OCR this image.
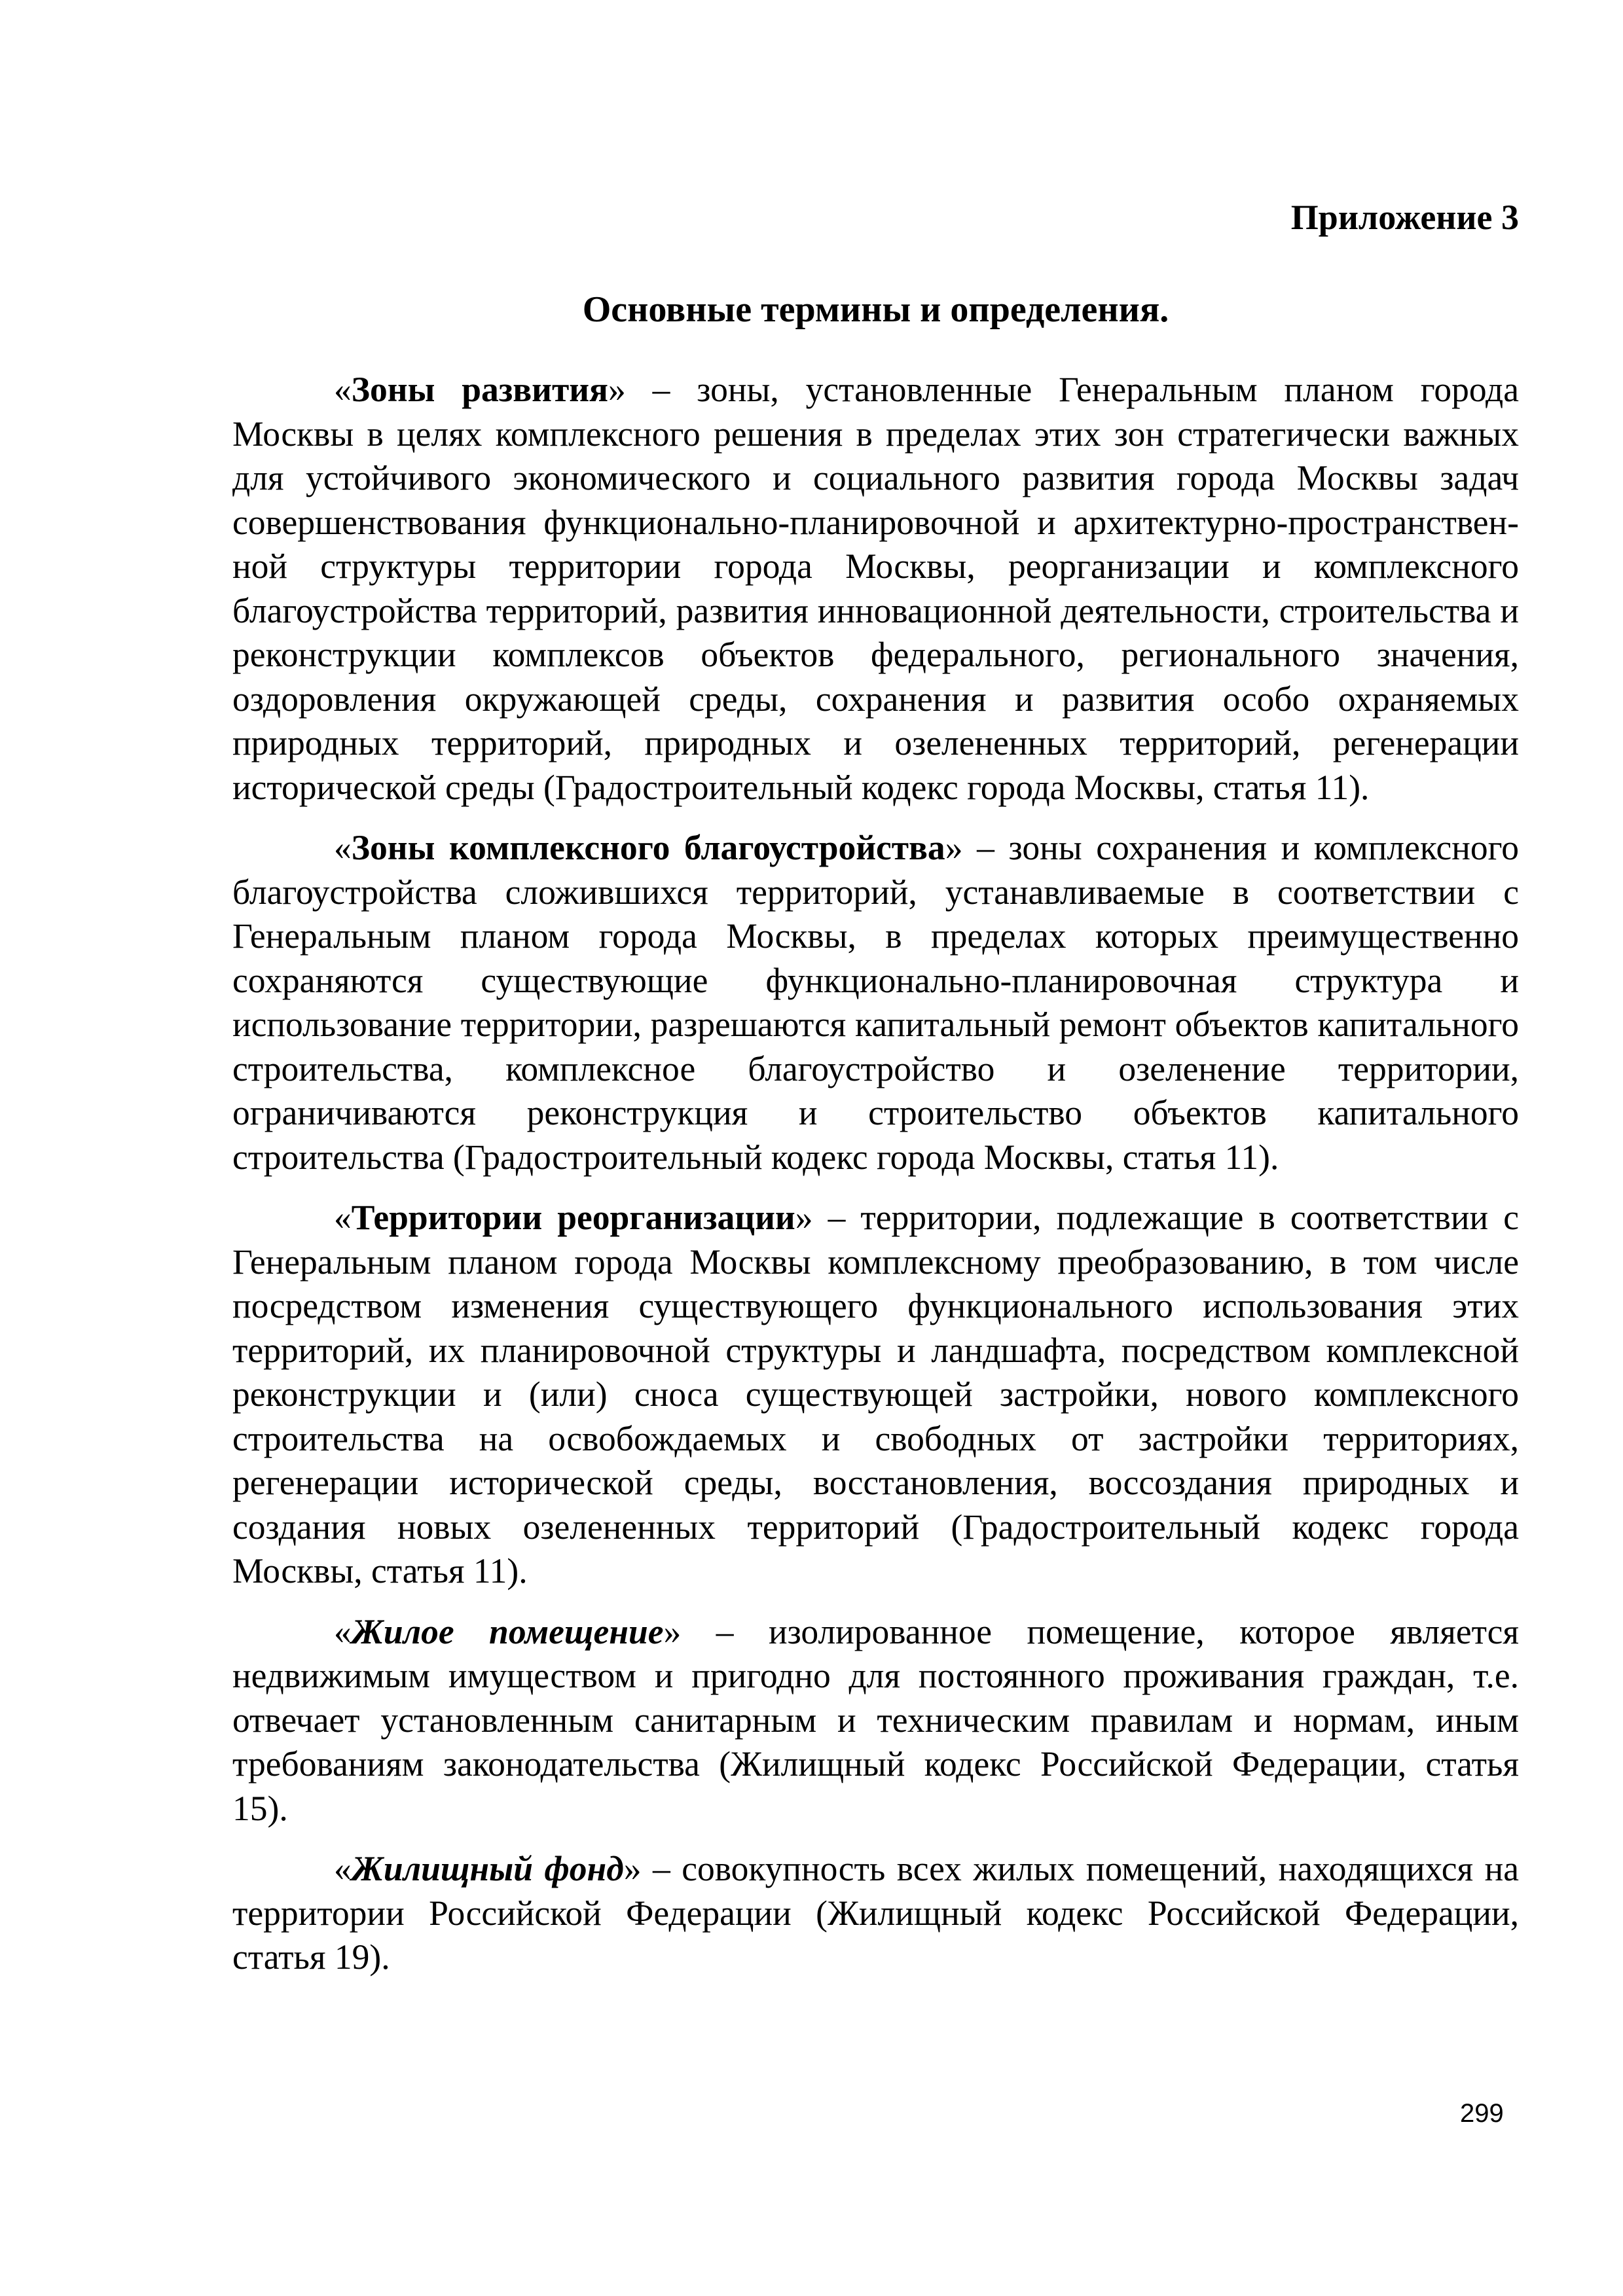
Приложение 3

Основные термины и определения.

«Зоны развития» – зоны, установленные Генеральным планом города Москвы в целях комплексного решения в пределах этих зон стратегически важных для устойчивого экономического и социального развития города Москвы задач совершенствования функционально-планировочной и архитектурно-пространствен-ной структуры территории города Москвы, реорганизации и комплексного благоустройства территорий, развития инновационной деятельности, строительства и реконструкции комплексов объектов федерального, регионального значения, оздоровления окружающей среды, сохранения и развития особо охраняемых природных территорий, природных и озелененных территорий, регенерации исторической среды (Градостроительный кодекс города Москвы, статья 11).

«Зоны комплексного благоустройства» – зоны сохранения и комплексного благоустройства сложившихся территорий, устанавливаемые в соответствии с Генеральным планом города Москвы, в пределах которых преимущественно сохраняются существующие функционально-планировочная структура и использование территории, разрешаются капитальный ремонт объектов капитального строительства, комплексное благоустройство и озеленение территории, ограничиваются реконструкция и строительство объектов капитального строительства (Градостроительный кодекс города Москвы, статья 11).

«Территории реорганизации» – территории, подлежащие в соответствии с Генеральным планом города Москвы комплексному преобразованию, в том числе посредством изменения существующего функционального использования этих территорий, их планировочной структуры и ландшафта, посредством комплексной реконструкции и (или) сноса существующей застройки, нового комплексного строительства на освобождаемых и свободных от застройки территориях, регенерации исторической среды, восстановления, воссоздания природных и создания новых озелененных территорий (Градостроительный кодекс города Москвы, статья 11).

«Жилое помещение» – изолированное помещение, которое является недвижимым имуществом и пригодно для постоянного проживания граждан, т.е. отвечает установленным санитарным и техническим правилам и нормам, иным требованиям законодательства (Жилищный кодекс Российской Федерации, статья 15).

«Жилищный фонд» – совокупность всех жилых помещений, находящихся на территории Российской Федерации (Жилищный кодекс Российской Федерации, статья 19).

299
